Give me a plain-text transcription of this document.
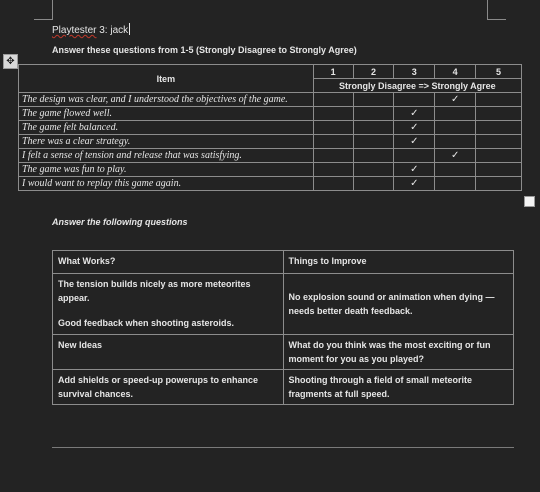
✥
Playtester 3: jack
Answer these questions from 1-5 (Strongly Disagree to Strongly Agree)
Item	1	2	3	4	5
	Strongly Disagree => Strongly Agree				
The design was clear, and I understood the objectives of the game.				✓	
The game flowed well.			✓		
The game felt balanced.			✓		
There was a clear strategy.			✓		
I felt a sense of tension and release that was satisfying.				✓	
The game was fun to play.			✓		
I would want to replay this game again.			✓		
Answer the following questions
What Works?	Things to Improve

The tension builds nicely as more meteorites appear.

Good feedback when shooting asteroids.	No explosion sound or animation when dying — needs better death feedback.

New Ideas	What do you think was the most exciting or fun moment for you as you played?
Add shields or speed-up powerups to enhance survival chances.	Shooting through a field of small meteorite fragments at full speed.
